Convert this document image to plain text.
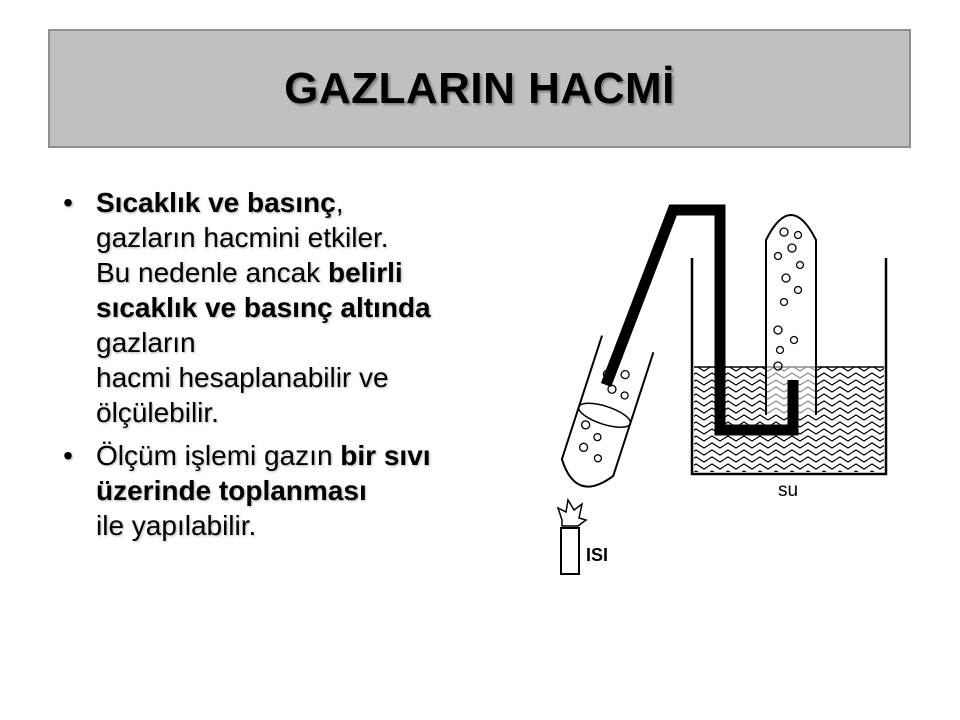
GAZLARIN HACMİ
• Sıcaklık ve basınç,
gazların hacmini etkiler.
Bu nedenle ancak belirli
sıcaklık ve basınç altında
gazların
hacmi hesaplanabilir ve
ölçülebilir.
• Ölçüm işlemi gazın bir sıvı
üzerinde toplanması
ile yapılabilir.
ISI
su
